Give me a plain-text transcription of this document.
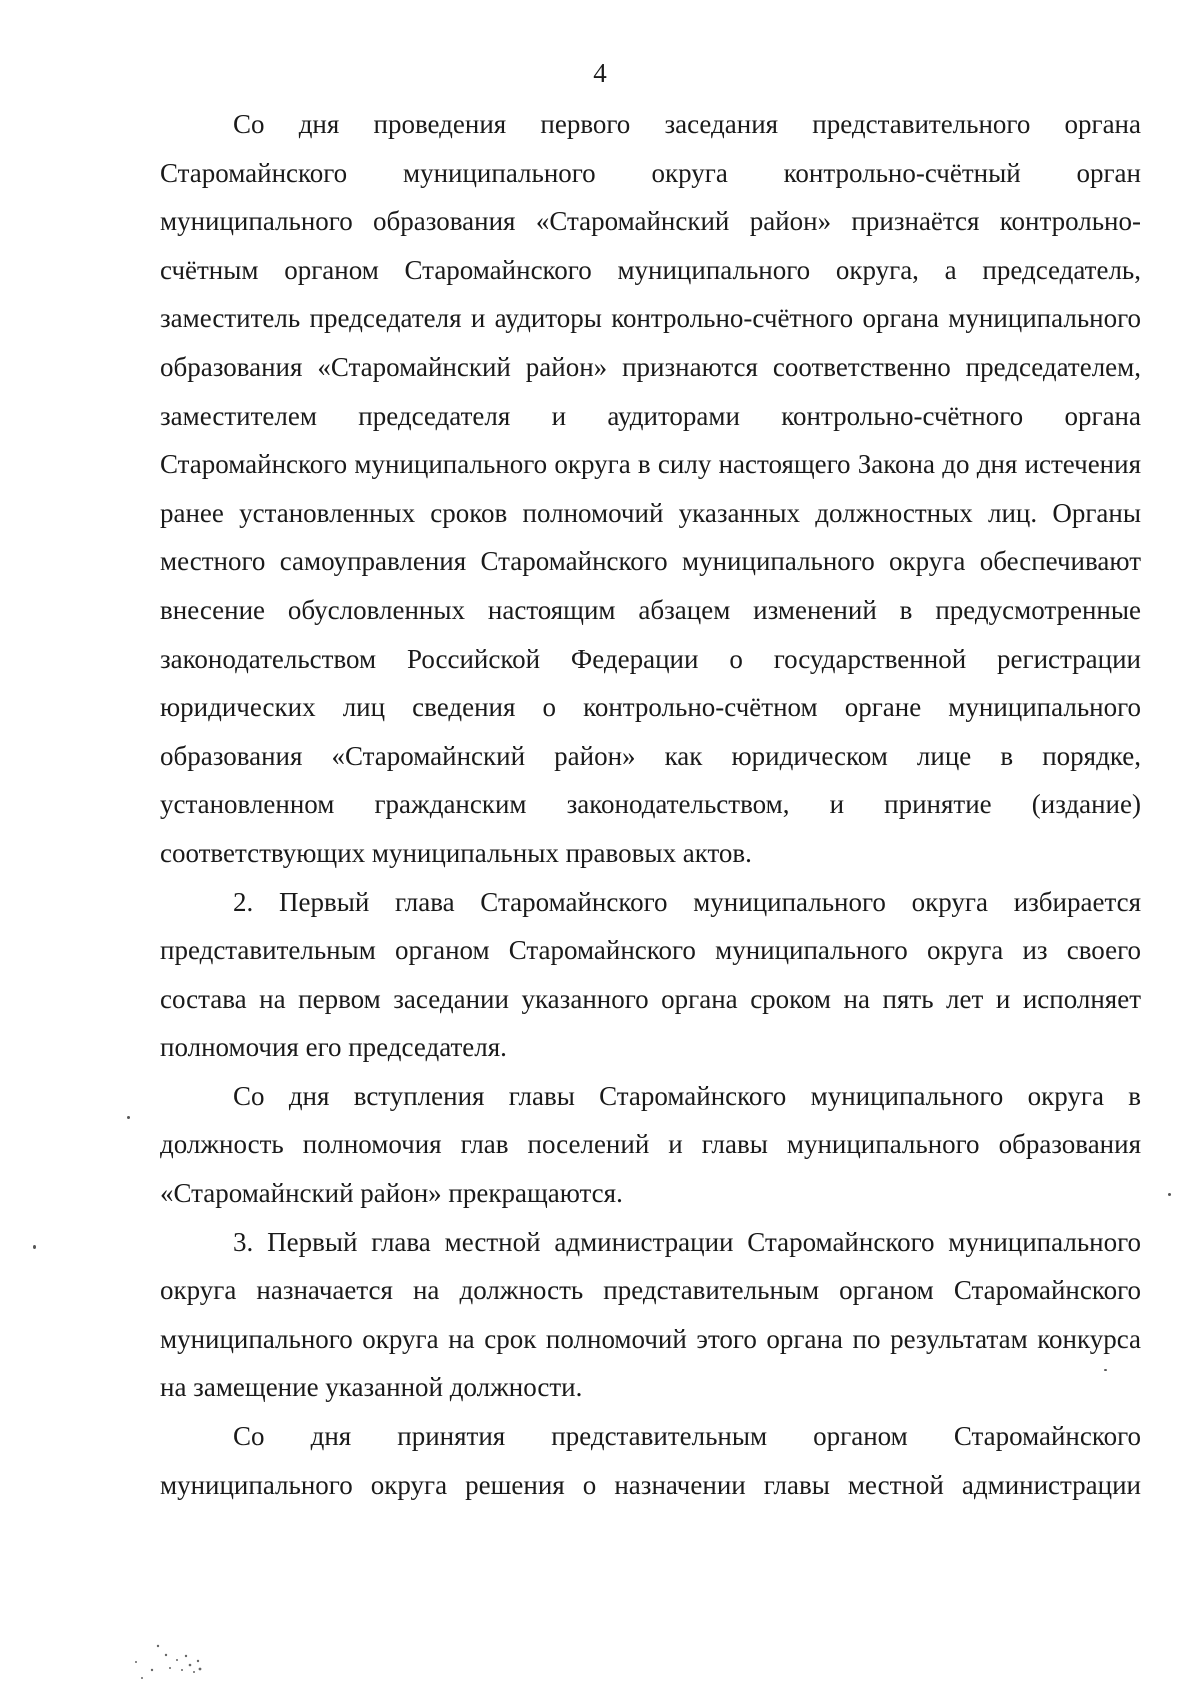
4

Со дня проведения первого заседания представительного органа Старомайнского муниципального округа контрольно-счётный орган муниципального образования «Старомайнский район» признаётся контрольно-счётным органом Старомайнского муниципального округа, а председатель, заместитель председателя и аудиторы контрольно-счётного органа муниципального образования «Старомайнский район» признаются соответственно председателем, заместителем председателя и аудиторами контрольно-счётного органа Старомайнского муниципального округа в силу настоящего Закона до дня истечения ранее установленных сроков полномочий указанных должностных лиц. Органы местного самоуправления Старомайнского муниципального округа обеспечивают внесение обусловленных настоящим абзацем изменений в предусмотренные законодательством Российской Федерации о государственной регистрации юридических лиц сведения о контрольно-счётном органе муниципального образования «Старомайнский район» как юридическом лице в порядке, установленном гражданским законодательством, и принятие (издание) соответствующих муниципальных правовых актов.

2. Первый глава Старомайнского муниципального округа избирается представительным органом Старомайнского муниципального округа из своего состава на первом заседании указанного органа сроком на пять лет и исполняет полномочия его председателя.

Со дня вступления главы Старомайнского муниципального округа в должность полномочия глав поселений и главы муниципального образования «Старомайнский район» прекращаются.

3. Первый глава местной администрации Старомайнского муниципального округа назначается на должность представительным органом Старомайнского муниципального округа на срок полномочий этого органа по результатам конкурса на замещение указанной должности.

Со дня принятия представительным органом Старомайнского муниципального округа решения о назначении главы местной администрации
